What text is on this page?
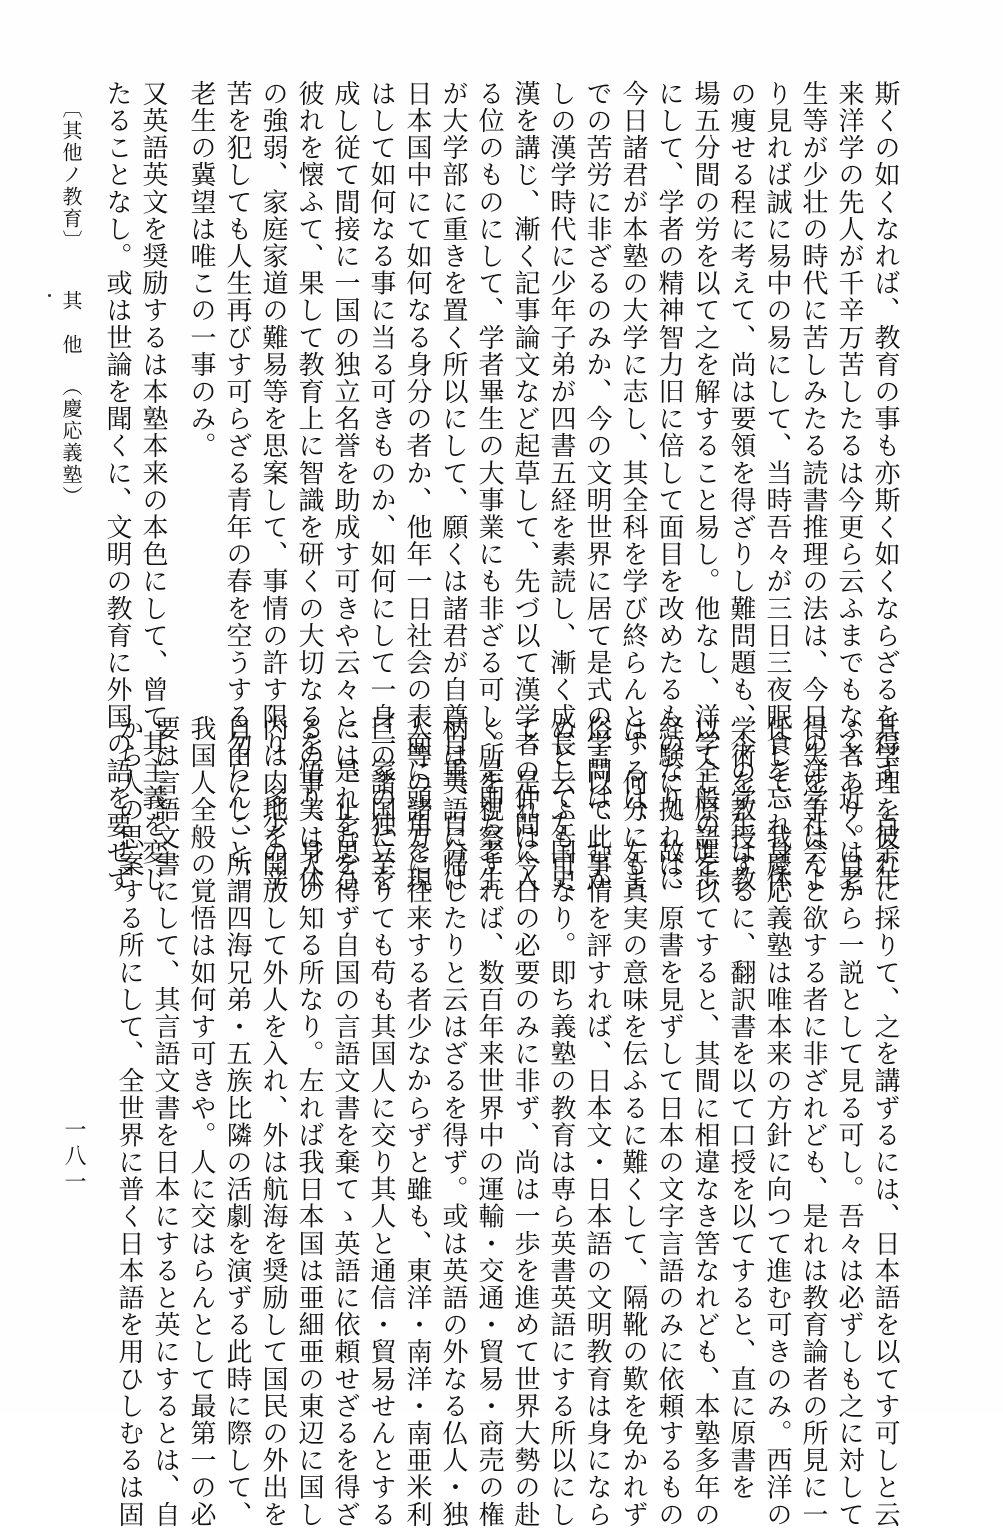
斯くの如くなれば、教育の事も亦斯く如くならざるを得ず。百余年
来洋学の先人が千辛万苦したるは今更ら云ふまでもなく、近くは老
生等が少壮の時代に苦しみたる読書推理の法は、今日の洋学社会よ
り見れば誠に易中の易にして、当時吾々が三日三夜眠食を忘れ身体
の痩せる程に考えて、尚は要領を得ざりし難問題も、今の学生は教
場五分間の労を以て之を解すること易し。他なし、洋学全般の進歩
にして、学者の精神智力旧に倍して面目を改めたるものなり。故に
今日諸君が本塾の大学に志し、其全科を学び終らんとするは、左ま
での苦労に非ざるのみか、今の文明世界に居て是式の学問は、むか
しの漢学時代に少年子弟が四書五経を素読し、漸く成長して左国史
漢を講じ、漸く記事論文など起草して、先づ以て漢学者の仲間に入
る位のものにして、学者畢生の大事業にも非ざる可し。是即ち老生
が大学部に重きを置く所以にして、願くは諸君が自尊自重、自分は
日本国中にて如何なる身分の者か、他年一日社会の表面に頭角を現
はして如何なる事に当る可きものか、如何にして一身一家の独立を
成し従て間接に一国の独立名誉を助成す可きや云々と、是れを思ひ
彼れを懐ふて、果して教育上に智識を研くの大切なるを悟り、身体
の強弱、家庭家道の難易等を思案して、事情の許す限り、多少の辛
苦を犯しても人生再びす可らざる青年の春を空うする勿らんこと、
老生の冀望は唯この一事のみ。
又英語英文を奨励するは本塾本来の本色にして、曾て其主義を変じ
たることなし。或は世論を聞くに、文明の教育に外国の語を要せず
〔其他ノ教育〕
其　他
（慶応義塾）
其学理を彼れに採りて、之を講ずるには、日本語を以てす可しと云
ふ者あり。自から一説として見る可し。吾々は必ずしも之に対して
得失を争はんと欲する者に非ざれども、是れは教育論者の所見に一
任して、我慶応義塾は唯本来の方針に向つて進む可きのみ。西洋の
学術を教授するに、翻訳書を以て口授を以てすると、直に原書を
以てし原語を以てすると、其間に相違なき筈なれども、本塾多年の
経験に拠れば、原書を見ずして日本の文字言語のみに依頼するもの
は、何分にも真実の意味を伝ふるに難くして、隔靴の歎を免かれず
俗言以て此事情を評すれば、日本文・日本語の文明教育は身になら
ぬと云ふも可なり。即ち義塾の教育は専ら英書英語にする所以にし
て、是れは今日の必要のみに非ず、尚は一歩を進めて世界大勢の赴
く所を視察すれば、数百年来世界中の運輸・交通・貿易・商売の権
柄は英語に帰したりと云はざるを得ず。或は英語の外なる仏人・独
人等の諸方に往来する者少なからずと雖も、東洋・南洋・南亜米利
巨の諸国に至りても苟も其国人に交り其人と通信・貿易せんとする
には、止むを得ず自国の言語文書を棄てゝ英語に依頼せざるを得ざ
るの事実は人の知る所なり。左れば我日本国は亜細亜の東辺に国し
内は内地を開放して外人を入れ、外は航海を奨励して国民の外出を
自由にし、所謂四海兄弟・五族比隣の活劇を演ずる此時に際して、
我国人全般の覚悟は如何す可きや。人に交はらんとして最第一の必
要は言語文書にして、其言語文書を日本にすると英にするとは、自
から人の思案する所にして、全世界に普く日本語を用ひしむるは固
一八一
